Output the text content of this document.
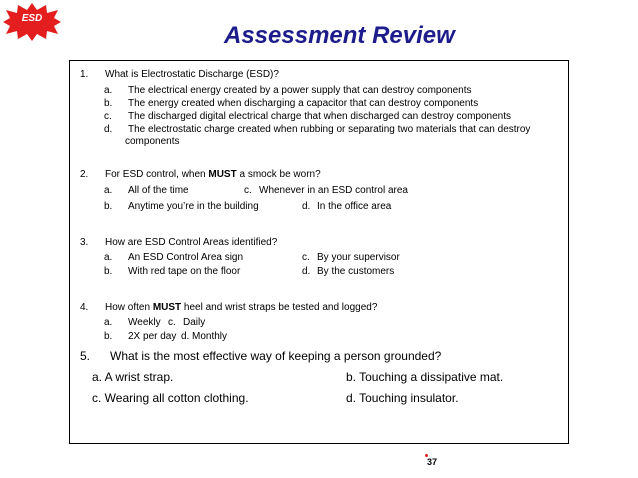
ESD
Assessment Review
1. What is Electrostatic Discharge (ESD)?
a. The electrical energy created by a power supply that can destroy components
b. The energy created when discharging a capacitor that can destroy components
c. The discharged digital electrical charge that when discharged can destroy components
d. The electrostatic charge created when rubbing or separating two materials that can destroy
components
2. For ESD control, when MUST a smock be worn?
a. All of the time	c. Whenever in an ESD control area
b. Anytime you’re in the building	d. In the office area
3. How are ESD Control Areas identified?
a. An ESD Control Area sign	c. By your supervisor
b. With red tape on the floor	d. By the customers
4. How often MUST heel and wrist straps be tested and logged?
a. Weekly c. Daily
b. 2X per day d. Monthly
5. What is the most effective way of keeping a person grounded?
a. A wrist strap.	b. Touching a dissipative mat.
c. Wearing all cotton clothing.	d. Touching insulator.
37
